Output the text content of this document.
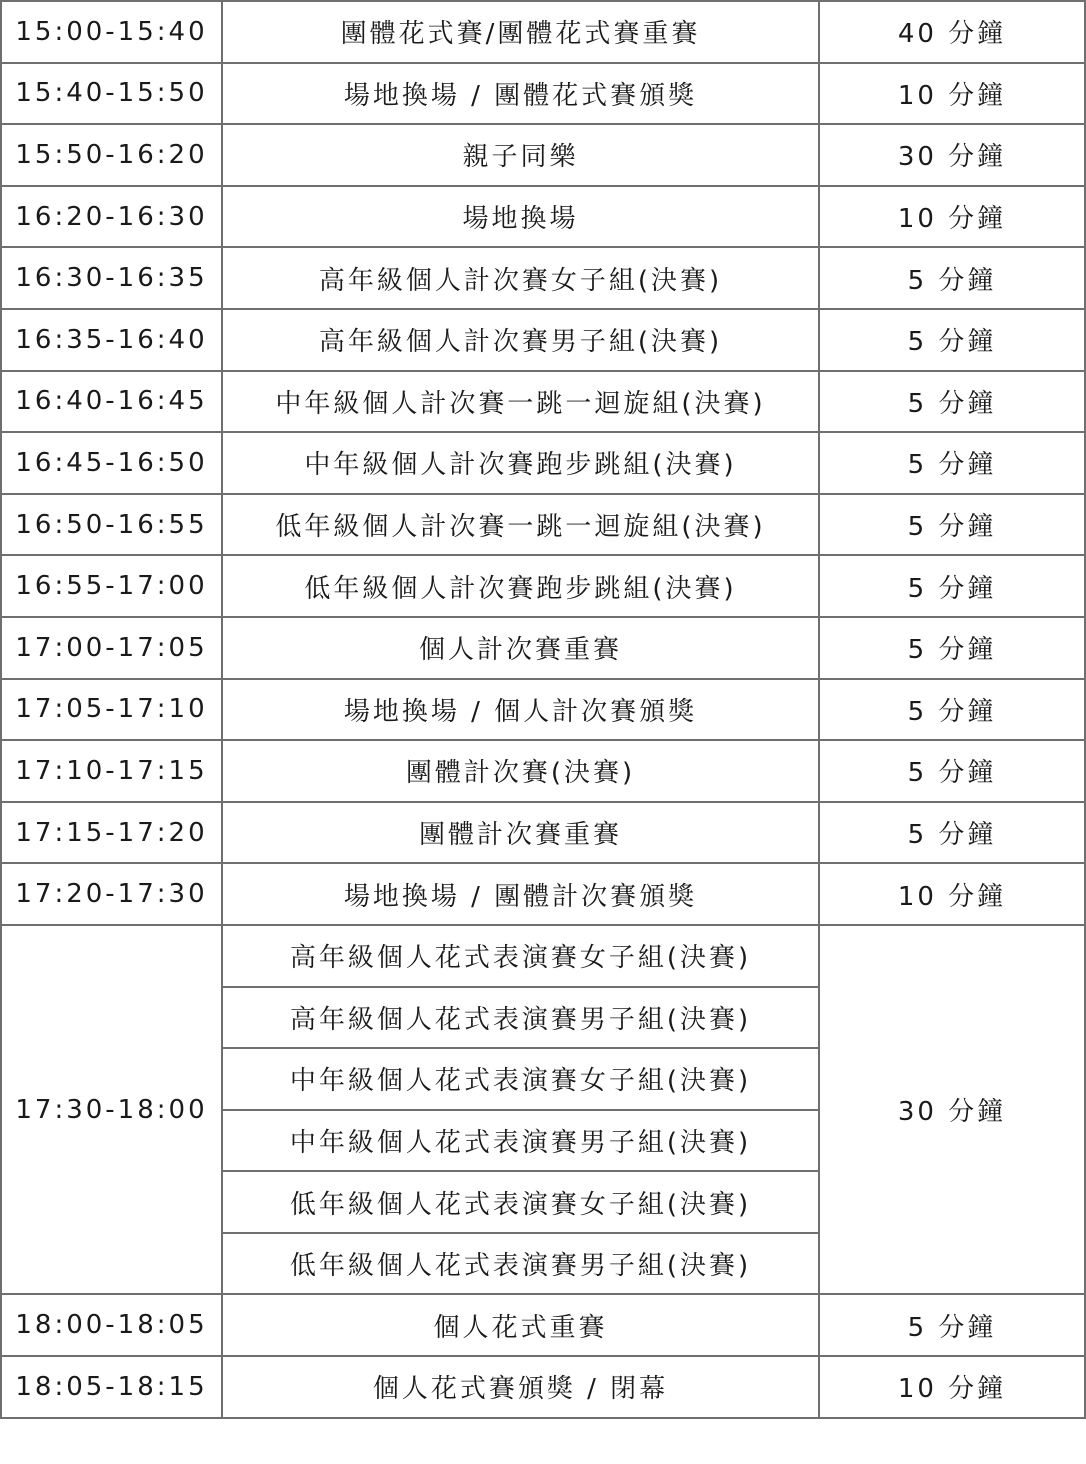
15:00-15:40	團體花式賽/團體花式賽重賽	40 分鐘
15:40-15:50	場地換場 / 團體花式賽頒獎	10 分鐘
15:50-16:20	親子同樂	30 分鐘
16:20-16:30	場地換場	10 分鐘
16:30-16:35	高年級個人計次賽女子組(決賽)	5 分鐘
16:35-16:40	高年級個人計次賽男子組(決賽)	5 分鐘
16:40-16:45	中年級個人計次賽一跳一迴旋組(決賽)	5 分鐘
16:45-16:50	中年級個人計次賽跑步跳組(決賽)	5 分鐘
16:50-16:55	低年級個人計次賽一跳一迴旋組(決賽)	5 分鐘
16:55-17:00	低年級個人計次賽跑步跳組(決賽)	5 分鐘
17:00-17:05	個人計次賽重賽	5 分鐘
17:05-17:10	場地換場 / 個人計次賽頒獎	5 分鐘
17:10-17:15	團體計次賽(決賽)	5 分鐘
17:15-17:20	團體計次賽重賽	5 分鐘
17:20-17:30	場地換場 / 團體計次賽頒獎	10 分鐘
17:30-18:00	高年級個人花式表演賽女子組(決賽)	30 分鐘
	高年級個人花式表演賽男子組(決賽)	
	中年級個人花式表演賽女子組(決賽)	
	中年級個人花式表演賽男子組(決賽)	
	低年級個人花式表演賽女子組(決賽)	
	低年級個人花式表演賽男子組(決賽)	
18:00-18:05	個人花式重賽	5 分鐘
18:05-18:15	個人花式賽頒獎 / 閉幕	10 分鐘
